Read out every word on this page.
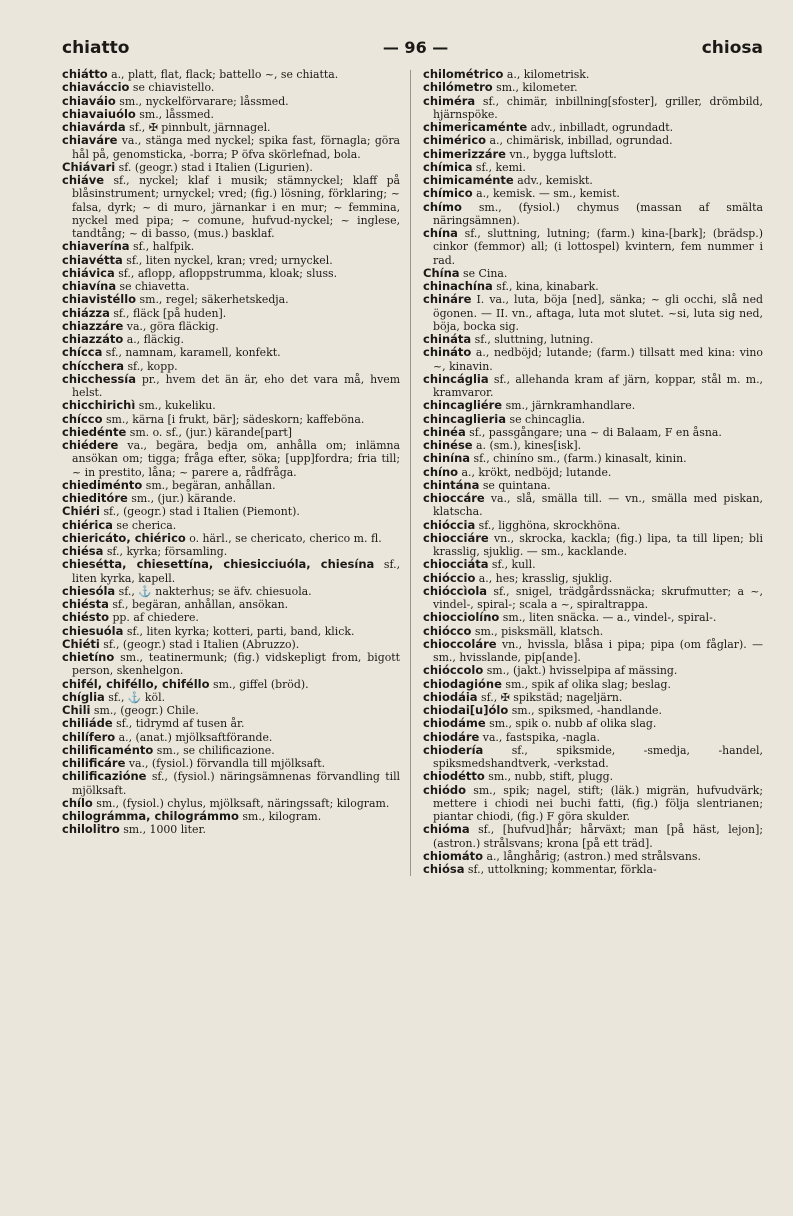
chiatto	— 96 —	chiosa
chiátto a., platt, flat, flack; battello ~, se chiatta.
chiaváccio se chiavistello.
chiaváio sm., nyckelförvarare; låssmed.
chiavaiuólo sm., låssmed.
chiavárda sf., ✠ pinnbult, järnnagel.
chiaváre va., stänga med nyckel; spika fast, förnagla; göra hål på, genomsticka, -borra; P öfva skörlefnad, bola.
Chiávari sf. (geogr.) stad i Italien (Ligurien).
chiáve sf., nyckel; klaf i musik; stämnyckel; klaff på blåsinstrument; urnyckel; vred; (fig.) lösning, förklaring; ~ falsa, dyrk; ~ di muro, järnankar i en mur; ~ femmina, nyckel med pipa; ~ comune, hufvud-nyckel; ~ inglese, tandtång; ~ di basso, (mus.) basklaf.
chiaverína sf., halfpik.
chiavétta sf., liten nyckel, kran; vred; urnyckel.
chiávica sf., aflopp, afloppstrumma, kloak; sluss.
chiavína se chiavetta.
chiavistéllo sm., regel; säkerhetskedja.
chiázza sf., fläck [på huden].
chiazzáre va., göra fläckig.
chiazzáto a., fläckig.
chícca sf., namnam, karamell, konfekt.
chícchera sf., kopp.
chicchessía pr., hvem det än är, eho det vara må, hvem helst.
chicchirichì sm., kukeliku.
chícco sm., kärna [i frukt, bär]; sädeskorn; kaffeböna.
chiedénte sm. o. sf., (jur.) kärande[part]
chiédere va., begära, bedja om, anhålla om; inlämna ansökan om; tigga; fråga efter, söka; [upp]fordra; fria till; ~ in prestito, låna; ~ parere a, rådfråga.
chiediménto sm., begäran, anhållan.
chieditóre sm., (jur.) kärande.
Chiéri sf., (geogr.) stad i Italien (Piemont).
chiérica se cherica.
chiericáto, chiérico o. härl., se chericato, cherico m. fl.
chiésa sf., kyrka; församling.
chiesétta, chiesettína, chiesicciuóla, chiesína sf., liten kyrka, kapell.
chiesóla sf., ⚓ nakterhus; se äfv. chiesuola.
chiésta sf., begäran, anhållan, ansökan.
chiésto pp. af chiedere.
chiesuóla sf., liten kyrka; kotteri, parti, band, klick.
Chiéti sf., (geogr.) stad i Italien (Abruzzo).
chietíno sm., teatinermunk; (fig.) vidskepligt from, bigott person, skenhelgon.
chifél, chiféllo, chiféllo sm., giffel (bröd).
chíglia sf., ⚓ köl.
Chili sm., (geogr.) Chile.
chiliáde sf., tidrymd af tusen år.
chilífero a., (anat.) mjölksaftförande.
chilificaménto sm., se chilificazione.
chilificáre va., (fysiol.) förvandla till mjölksaft.
chilificazióne sf., (fysiol.) näringsämnenas förvandling till mjölksaft.
chílo sm., (fysiol.) chylus, mjölksaft, näringssaft; kilogram.
chilográmma, chilográmmo sm., kilogram.
chilolitro sm., 1000 liter.
chilométrico a., kilometrisk.
chilómetro sm., kilometer.
chiméra sf., chimär, inbillning[sfoster], griller, drömbild, hjärnspöke.
chimericaménte adv., inbilladt, ogrundadt.
chimérico a., chimärisk, inbillad, ogrundad.
chimerizzáre vn., bygga luftslott.
chímica sf., kemi.
chimicaménte adv., kemiskt.
chímico a., kemisk. — sm., kemist.
chímo sm., (fysiol.) chymus (massan af smälta näringsämnen).
chína sf., sluttning, lutning; (farm.) kina-[bark]; (brädsp.) cinkor (femmor) all; (i lottospel) kvintern, fem nummer i rad.
Chína se Cina.
chinachína sf., kina, kinabark.
chináre I. va., luta, böja [ned], sänka; ~ gli occhi, slå ned ögonen. — II. vn., aftaga, luta mot slutet. ~si, luta sig ned, böja, bocka sig.
chináta sf., sluttning, lutning.
chináto a., nedböjd; lutande; (farm.) tillsatt med kina: vino ~, kinavin.
chincáglia sf., allehanda kram af järn, koppar, stål m. m., kramvaror.
chincagliére sm., järnkramhandlare.
chincaglieria se chincaglia.
chinéa sf., passgångare; una ~ di Balaam, F en åsna.
chinése a. (sm.), kines[isk].
chinína sf., chiníno sm., (farm.) kinasalt, kinin.
chíno a., krökt, nedböjd; lutande.
chintána se quintana.
chioccáre va., slå, smälla till. — vn., smälla med piskan, klatscha.
chióccia sf., ligghöna, skrockhöna.
chiocciáre vn., skrocka, kackla; (fig.) lipa, ta till lipen; bli krasslig, sjuklig. — sm., kacklande.
chiocciáta sf., kull.
chióccio a., hes; krasslig, sjuklig.
chióccìola sf., snigel, trädgårdssnäcka; skrufmutter; a ~, vindel-, spiral-; scala a ~, spiraltrappa.
chiocciolíno sm., liten snäcka. — a., vindel-, spiral-.
chiócco sm., pisksmäll, klatsch.
chioccoláre vn., hvissla, blåsa i pipa; pipa (om fåglar). — sm., hvisslande, pip[ande].
chióccolo sm., (jakt.) hvisselpipa af mässing.
chiodagióne sm., spik af olika slag; beslag.
chiodáia sf., ✠ spikstäd; nageljärn.
chiodai[u]ólo sm., spiksmed, -handlande.
chiodáme sm., spik o. nubb af olika slag.
chiodáre va., fastspika, -nagla.
chiodería sf., spiksmide, -smedja, -handel, spiksmedshandtverk, -verkstad.
chiodétto sm., nubb, stift, plugg.
chiódo sm., spik; nagel, stift; (läk.) migrän, hufvudvärk; mettere i chiodi nei buchi fatti, (fig.) följa slentrianen; piantar chiodi, (fig.) F göra skulder.
chióma sf., [hufvud]hår; hårväxt; man [på häst, lejon]; (astron.) strålsvans; krona [på ett träd].
chiomáto a., långhårig; (astron.) med strålsvans.
chiósa sf., uttolkning; kommentar, förkla-
